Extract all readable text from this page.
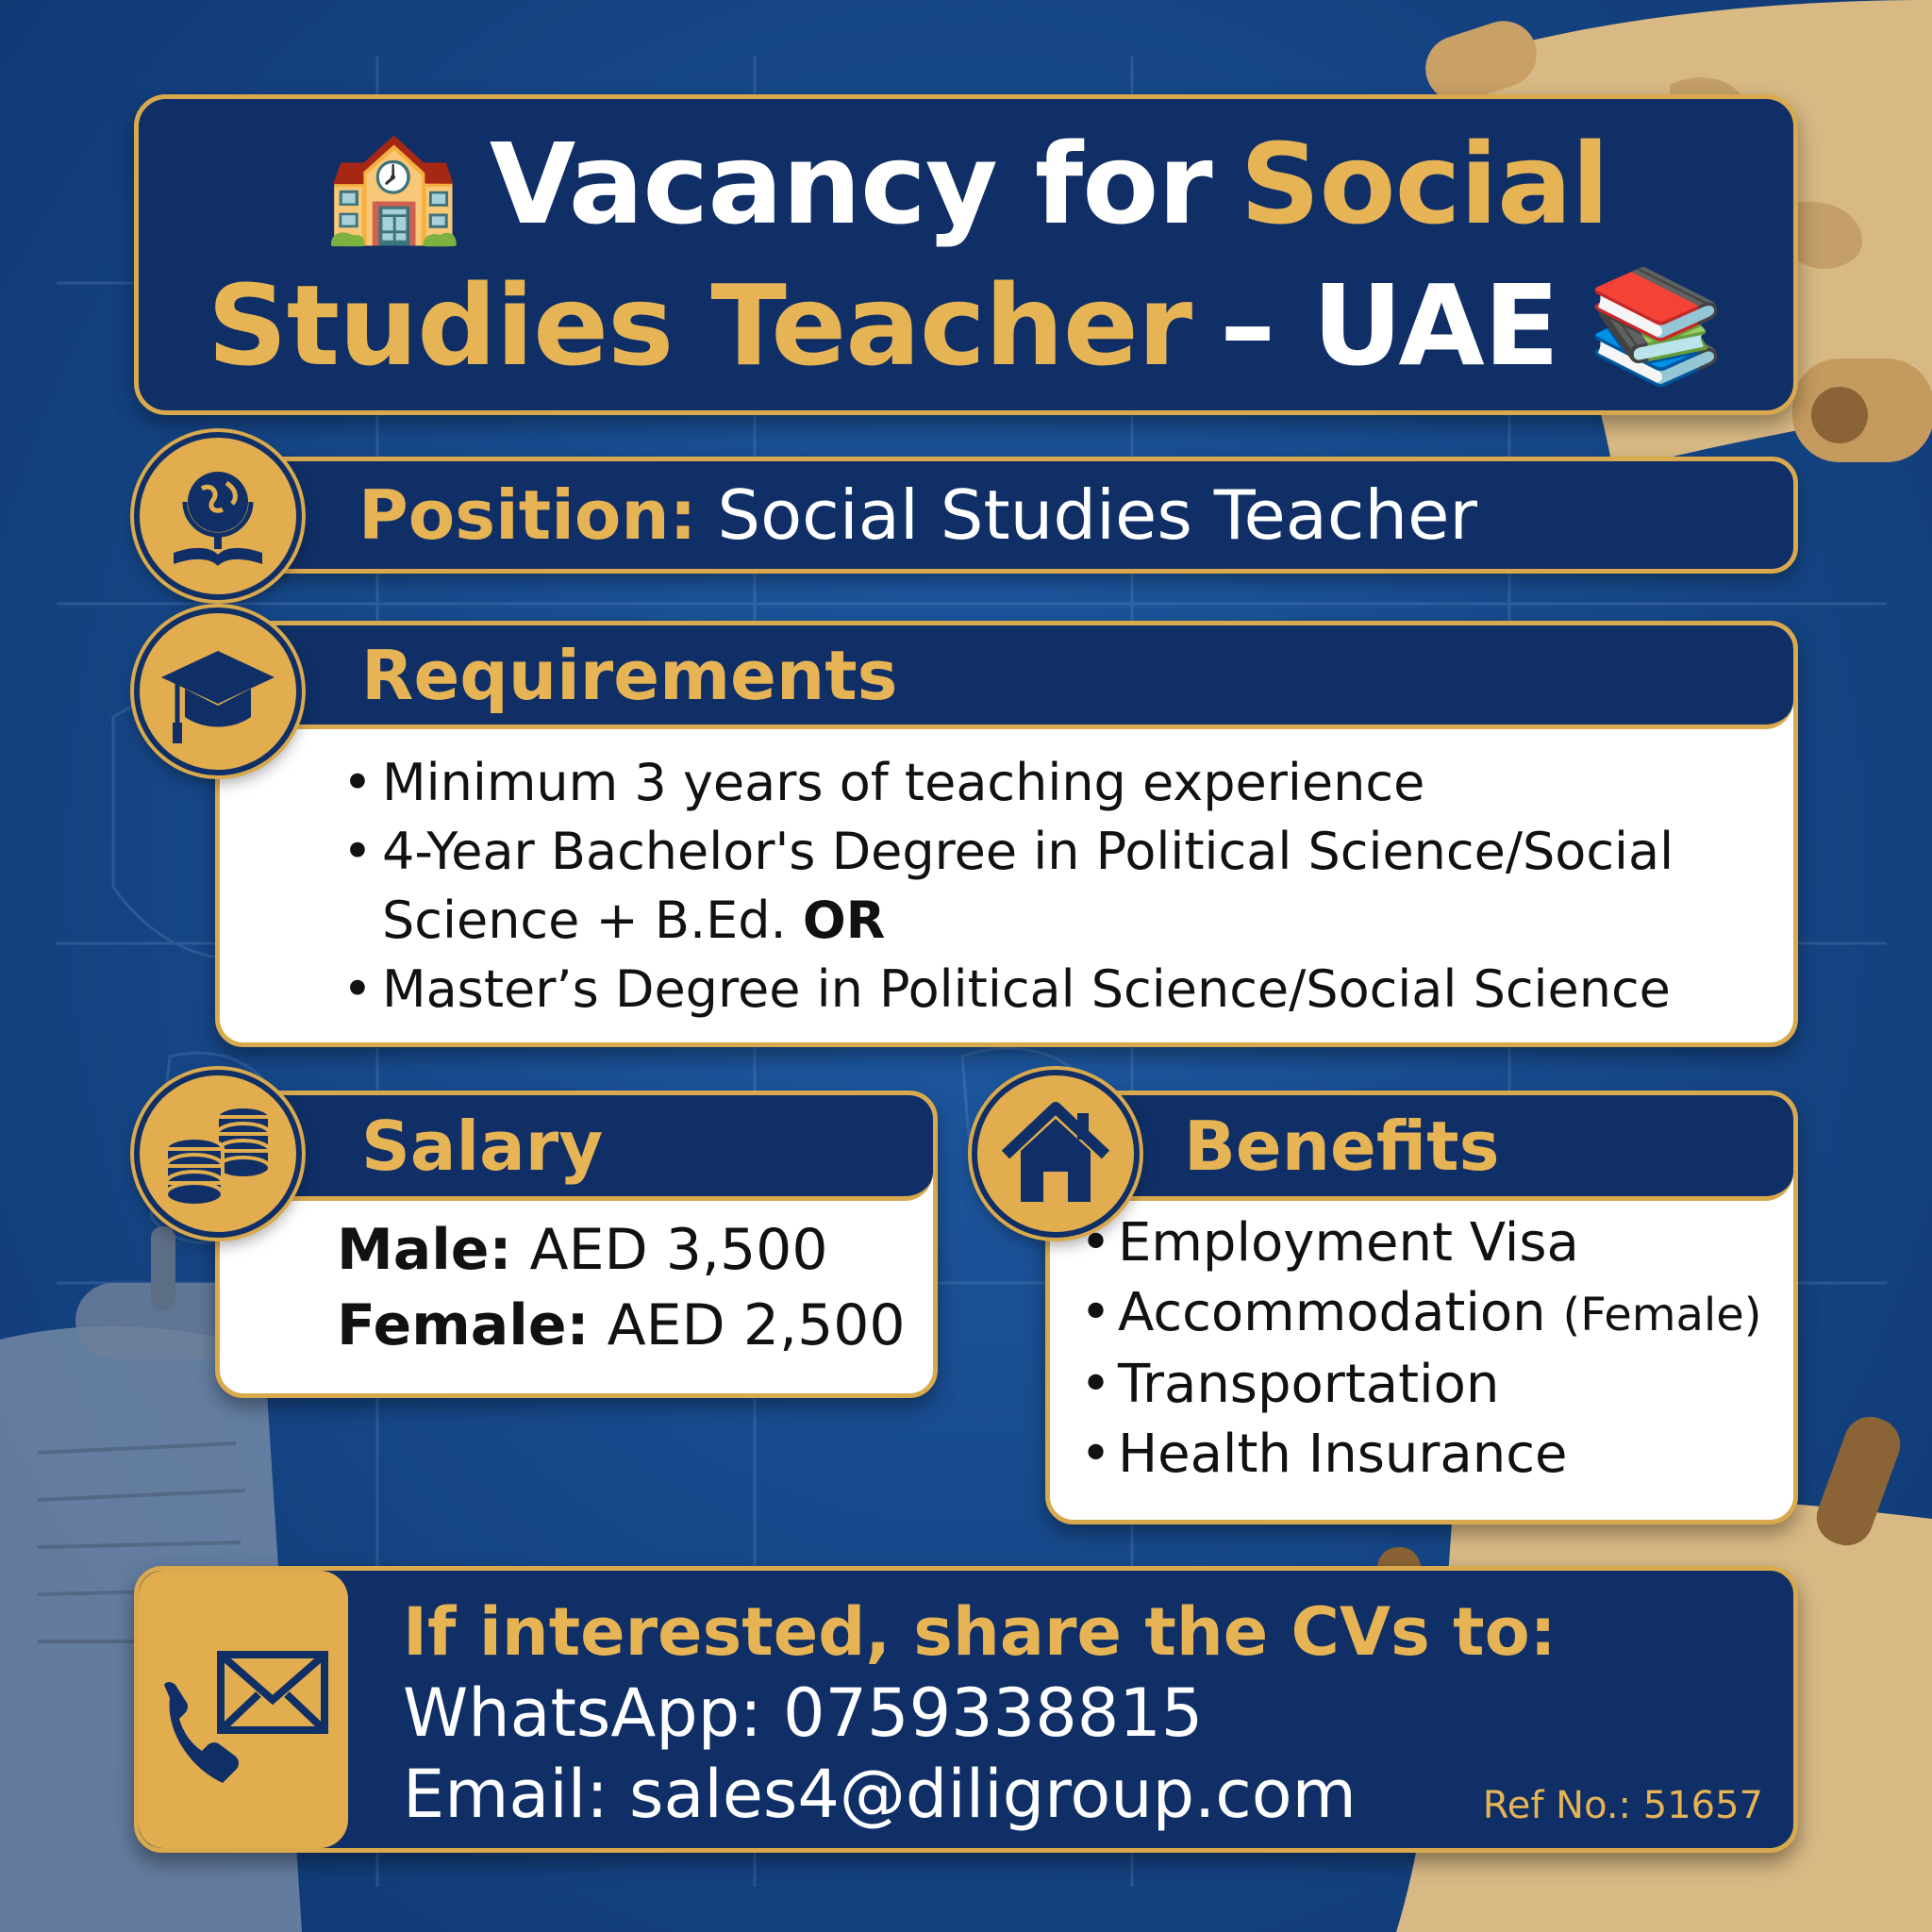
🏫 Vacancy for Social
Studies Teacher – UAE 📚
Position: Social Studies Teacher
Requirements
• Minimum 3 years of teaching experience
• 4-Year Bachelor's Degree in Political Science/Social
Science + B.Ed. OR
• Master’s Degree in Political Science/Social Science
Salary
Male: AED 3,500
Female: AED 2,500
Benefits
• Employment Visa
• Accommodation (Female)
• Transportation
• Health Insurance
If interested, share the CVs to:
WhatsApp: 0759338815
Email: sales4@diligroup.com	Ref No.: 51657
